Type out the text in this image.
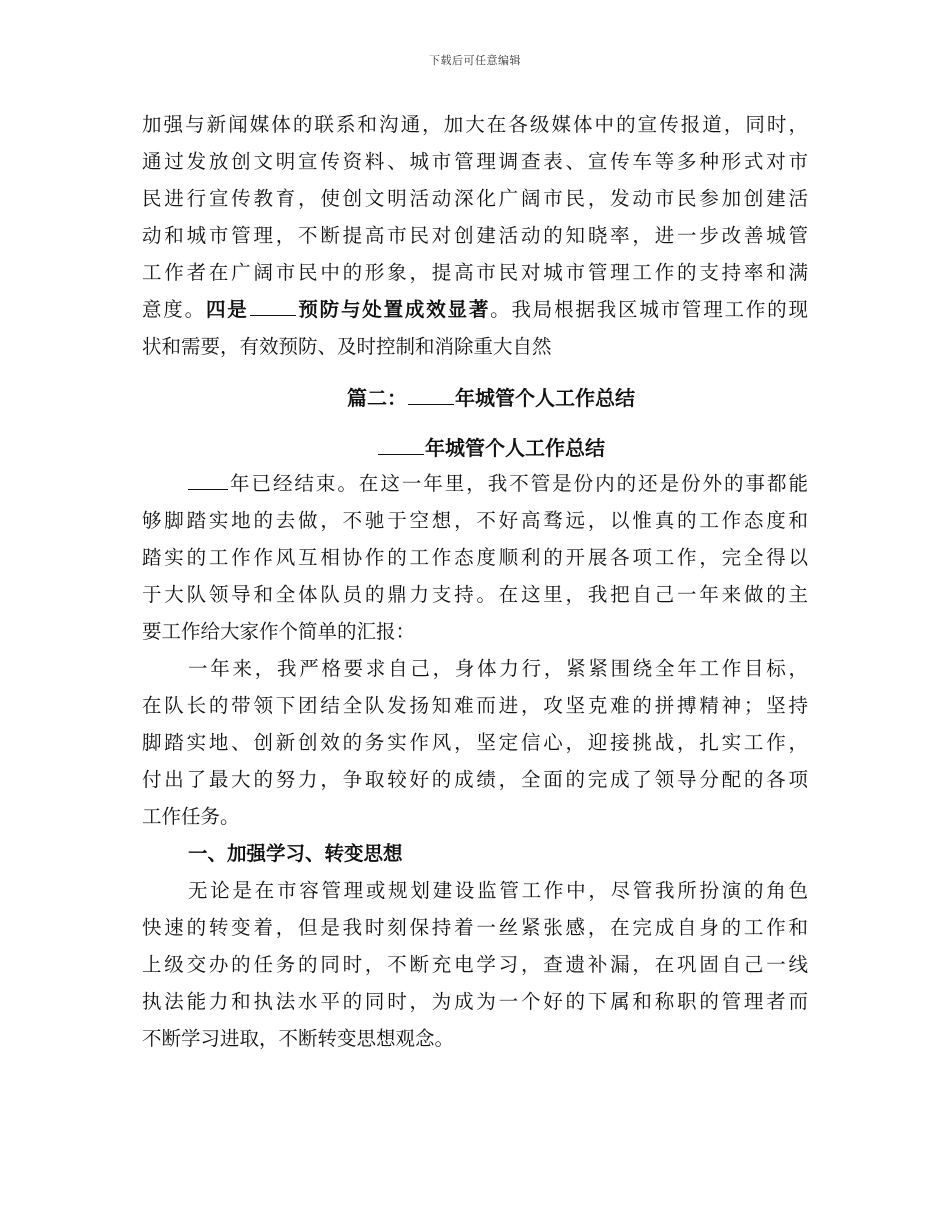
下载后可任意编辑
加强与新闻媒体的联系和沟通，加大在各级媒体中的宣传报道，同时，
通过发放创文明宣传资料、城市管理调查表、宣传车等多种形式对市
民进行宣传教育，使创文明活动深化广阔市民，发动市民参加创建活
动和城市管理，不断提高市民对创建活动的知晓率，进一步改善城管
工作者在广阔市民中的形象，提高市民对城市管理工作的支持率和满
意度。四是 预防与处置成效显著。我局根据我区城市管理工作的现
状和需要，有效预防、及时控制和消除重大自然
篇二： 年城管个人工作总结
年城管个人工作总结
年已经结束。在这一年里，我不管是份内的还是份外的事都能
够脚踏实地的去做，不驰于空想，不好高骛远，以惟真的工作态度和
踏实的工作作风互相协作的工作态度顺利的开展各项工作，完全得以
于大队领导和全体队员的鼎力支持。在这里，我把自己一年来做的主
要工作给大家作个简单的汇报：
一年来，我严格要求自己，身体力行，紧紧围绕全年工作目标，
在队长的带领下团结全队发扬知难而进，攻坚克难的拼搏精神；坚持
脚踏实地、创新创效的务实作风，坚定信心，迎接挑战，扎实工作，
付出了最大的努力，争取较好的成绩，全面的完成了领导分配的各项
工作任务。
一、加强学习、转变思想
无论是在市容管理或规划建设监管工作中，尽管我所扮演的角色
快速的转变着，但是我时刻保持着一丝紧张感，在完成自身的工作和
上级交办的任务的同时，不断充电学习，查遗补漏，在巩固自己一线
执法能力和执法水平的同时，为成为一个好的下属和称职的管理者而
不断学习进取，不断转变思想观念。
